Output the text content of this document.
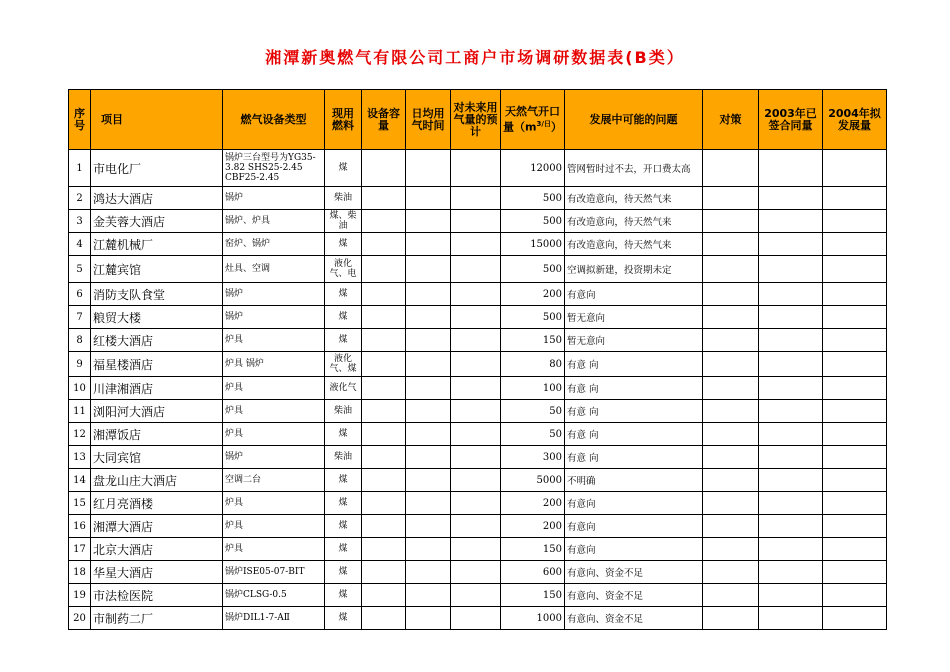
湘潭新奥燃气有限公司工商户市场调研数据表(B类）
序号	项目	燃气设备类型	现用燃料	设备容量	日均用气时间	对未来用气量的预计	天然气开口量$(m^{3/日})$	发展中可能的问题	对策	2003年已签合同量	2004年拟发展量
1	市电化厂	锅炉三台型号为YG35-3.82 SHS25-2.45 CBF25-2.45	煤				12000	管网暂时过不去，开口费太高			
2	鸿达大酒店	锅炉	柴油				500	有改造意向，待天然气来			
3	金芙蓉大酒店	锅炉、炉具	煤、柴油				500	有改造意向，待天然气来			
4	江麓机械厂	窑炉、锅炉	煤				15000	有改造意向，待天然气来			
5	江麓宾馆	灶具、空调	液化气、电				500	空调拟新建，投资期未定			
6	消防支队食堂	锅炉	煤				200	有意向			
7	粮贸大楼	锅炉	煤				500	暂无意向			
8	红楼大酒店	炉具	煤				150	暂无意向			
9	福星楼酒店	炉具 锅炉	液化气、煤				80	有意 向			
10	川津湘酒店	炉具	液化气				100	有意 向			
11	浏阳河大酒店	炉具	柴油				50	有意 向			
12	湘潭饭店	炉具	煤				50	有意 向			
13	大同宾馆	锅炉	柴油				300	有意 向			
14	盘龙山庄大酒店	空调二台	煤				5000	不明确			
15	红月亮酒楼	炉具	煤				200	有意向			
16	湘潭大酒店	炉具	煤				200	有意向			
17	北京大酒店	炉具	煤				150	有意向			
18	华星大酒店	锅炉ISE05-07-BIT	煤				600	有意向、资金不足			
19	市法检医院	锅炉CLSG-0.5	煤				150	有意向、资金不足			
20	市制药二厂	锅炉DIL1-7-AⅡ	煤				1000	有意向、资金不足			
